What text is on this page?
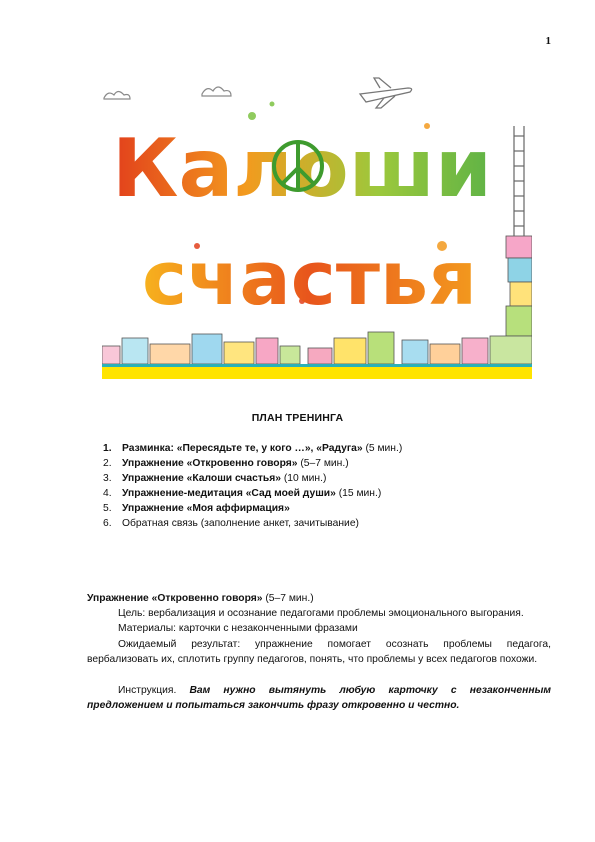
1
Калоши
счастья
ПЛАН ТРЕНИНГА
1. Разминка: «Пересядьте те, у кого …», «Радуга» (5 мин.)
2. Упражнение «Откровенно говоря» (5–7 мин.)
3. Упражнение «Калоши счастья» (10 мин.)
4. Упражнение-медитация «Сад моей души» (15 мин.)
5. Упражнение «Моя аффирмация»
6. Обратная связь (заполнение анкет, зачитывание)

Упражнение «Откровенно говоря» (5–7 мин.)

Цель: вербализация и осознание педагогами проблемы эмоционального выгорания.

Материалы: карточки с незаконченными фразами

Ожидаемый результат: упражнение помогает осознать проблемы педагога, вербализовать их, сплотить группу педагогов, понять, что проблемы у всех педагогов похожи.

Инструкция. Вам нужно вытянуть любую карточку с незаконченным предложением и попытаться закончить фразу откровенно и честно.
